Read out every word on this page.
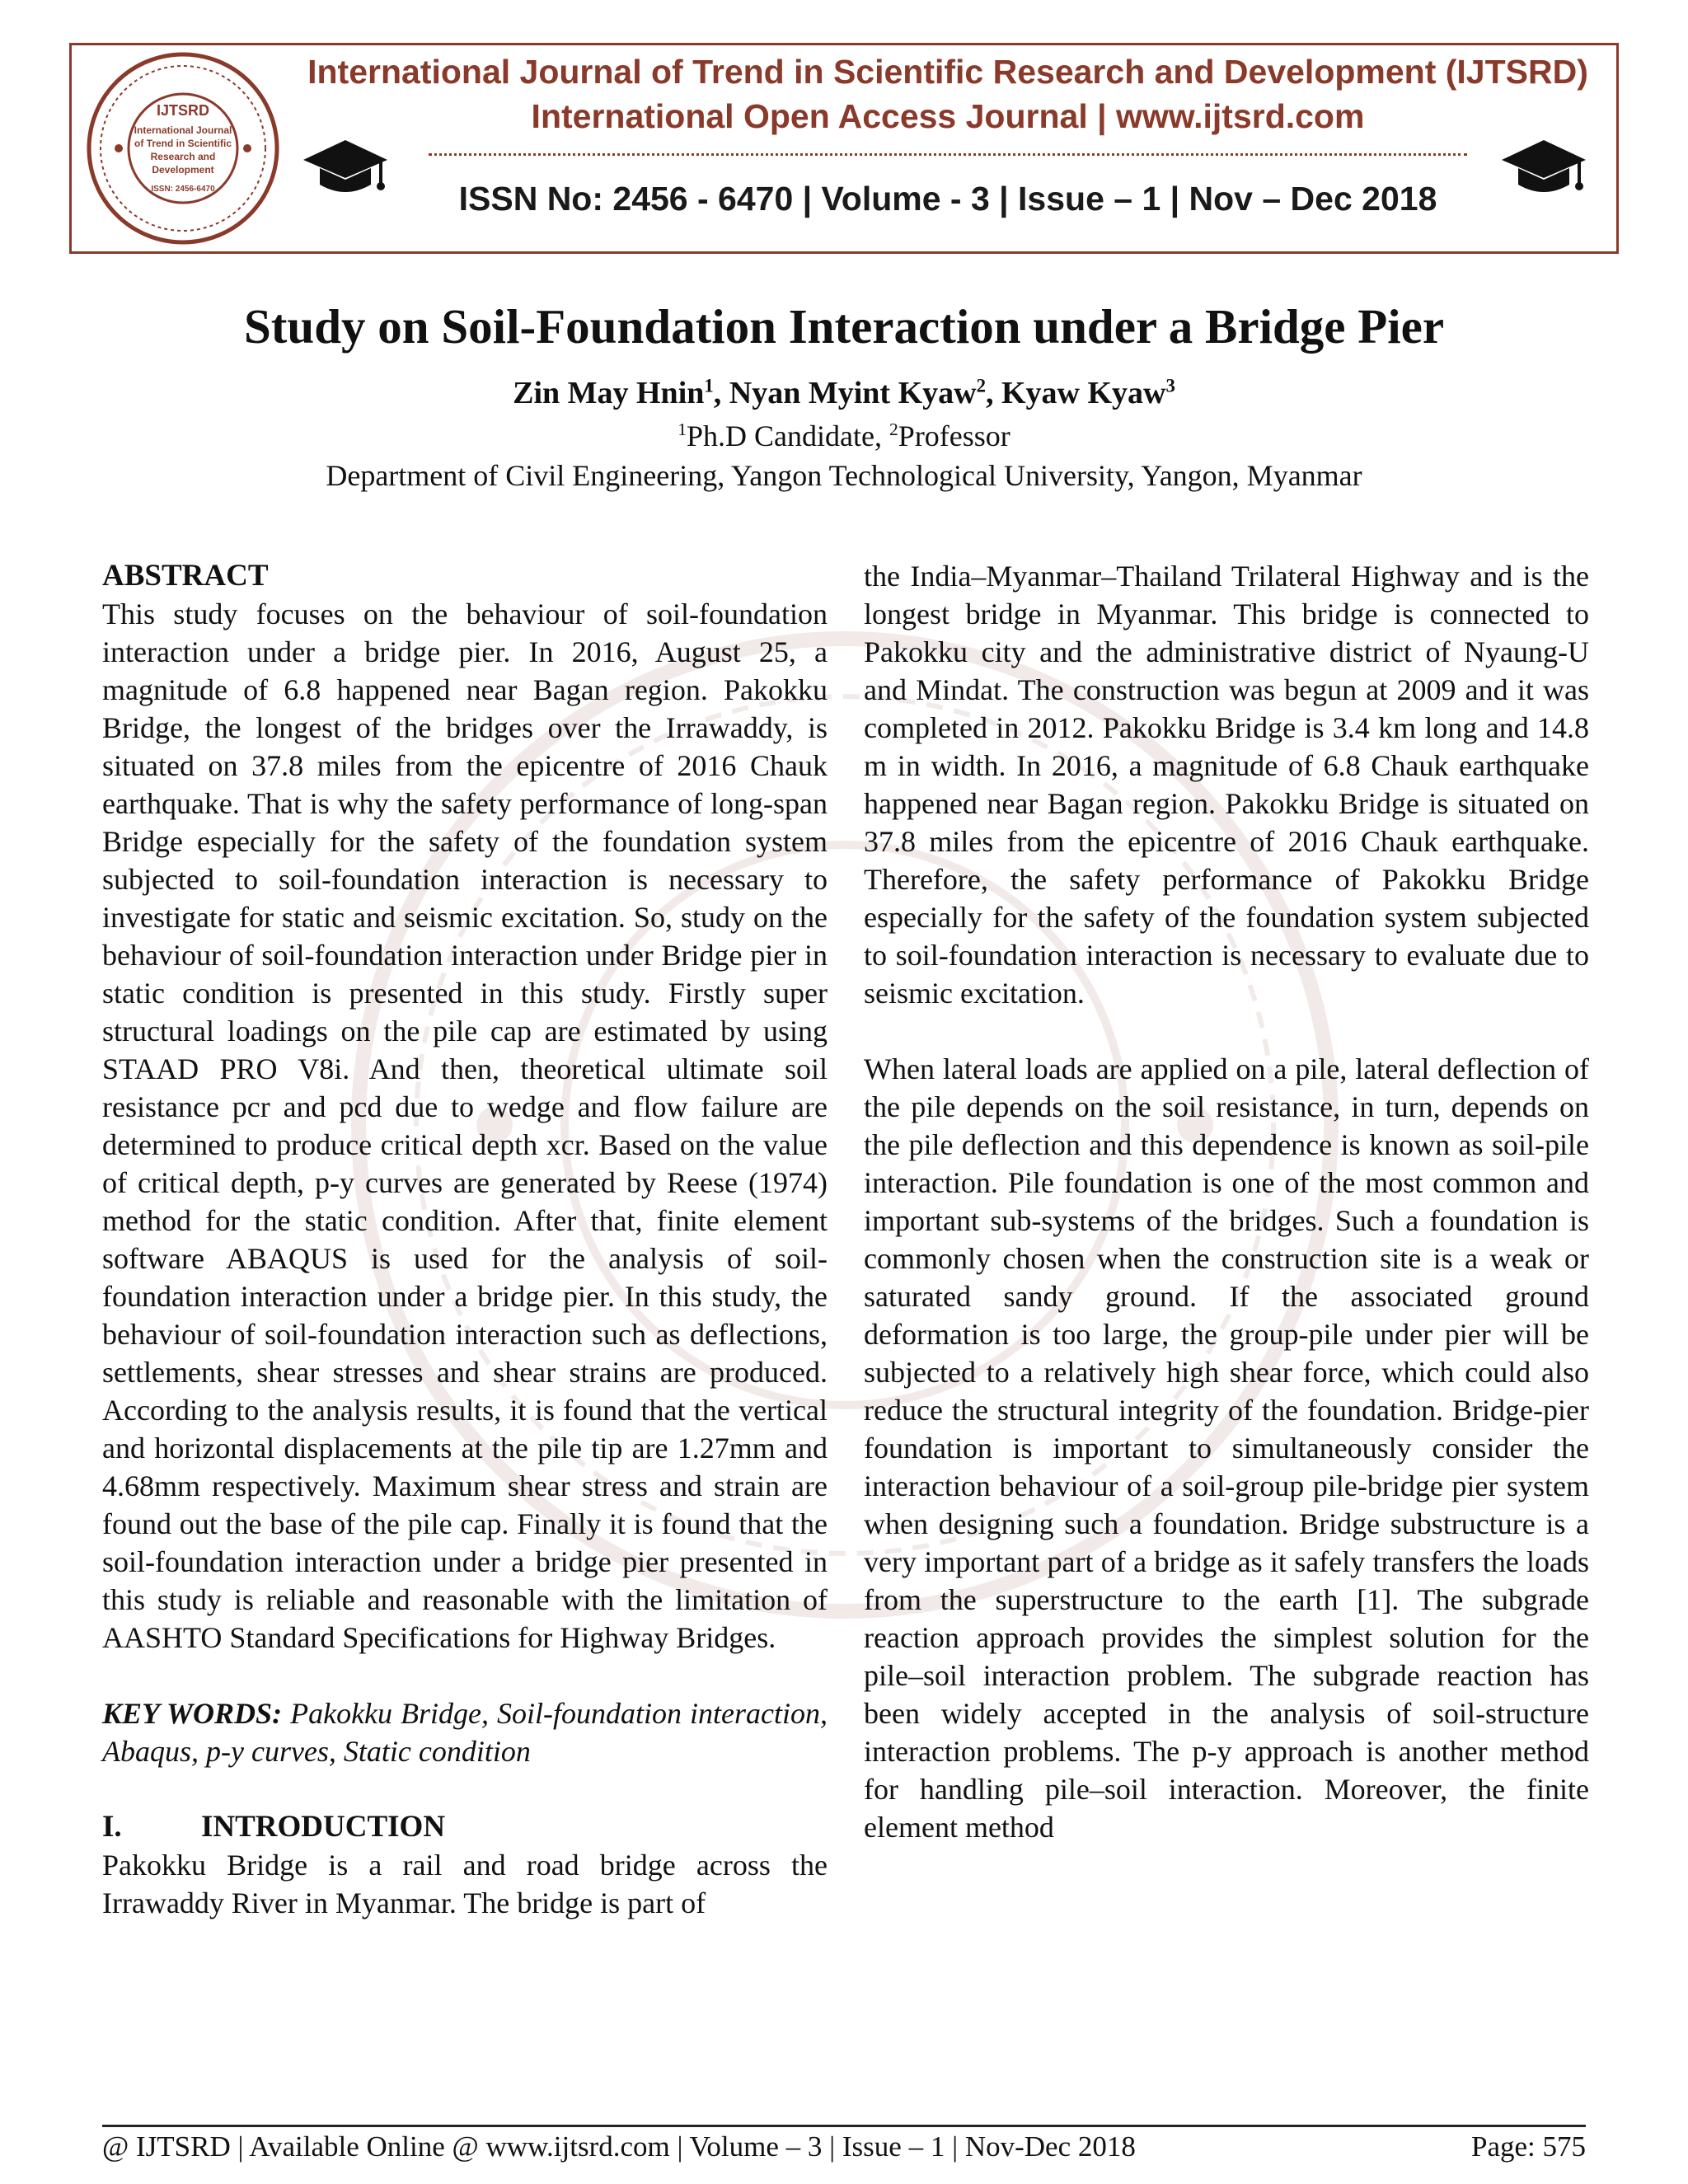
IJTSRD
International Journal
of Trend in Scientific
Research and
Development
ISSN: 2456-6470
International Journal of Trend in Scientific Research and Development (IJTSRD)
International Open Access Journal | www.ijtsrd.com
ISSN No: 2456 - 6470 | Volume - 3 | Issue – 1 | Nov – Dec 2018
Study on Soil-Foundation Interaction under a Bridge Pier
Zin May Hnin$^1$, Nyan Myint Kyaw$^2$, Kyaw Kyaw$^3$
$^1$Ph.D Candidate, $^2$Professor
Department of Civil Engineering, Yangon Technological University, Yangon, Myanmar
ABSTRACT

This study focuses on the behaviour of soil-foundation interaction under a bridge pier. In 2016, August 25, a magnitude of 6.8 happened near Bagan region. Pakokku Bridge, the longest of the bridges over the Irrawaddy, is situated on 37.8 miles from the epicentre of 2016 Chauk earthquake. That is why the safety performance of long-span Bridge especially for the safety of the foundation system subjected to soil-foundation interaction is necessary to investigate for static and seismic excitation. So, study on the behaviour of soil-foundation interaction under Bridge pier in static condition is presented in this study. Firstly super structural loadings on the pile cap are estimated by using STAAD PRO V8i. And then, theoretical ultimate soil resistance pcr and pcd due to wedge and flow failure are determined to produce critical depth xcr. Based on the value of critical depth, p-y curves are generated by Reese (1974) method for the static condition. After that, finite element software ABAQUS is used for the analysis of soil-foundation interaction under a bridge pier. In this study, the behaviour of soil-foundation interaction such as deflections, settlements, shear stresses and shear strains are produced. According to the analysis results, it is found that the vertical and horizontal displacements at the pile tip are 1.27mm and 4.68mm respectively. Maximum shear stress and strain are found out the base of the pile cap. Finally it is found that the soil-foundation interaction under a bridge pier presented in this study is reliable and reasonable with the limitation of AASHTO Standard Specifications for Highway Bridges.

KEY WORDS: Pakokku Bridge, Soil-foundation interaction, Abaqus, p-y curves, Static condition

I.	INTRODUCTION

Pakokku Bridge is a rail and road bridge across the Irrawaddy River in Myanmar. The bridge is part of

the India–Myanmar–Thailand Trilateral Highway and is the longest bridge in Myanmar. This bridge is connected to Pakokku city and the administrative district of Nyaung-U and Mindat. The construction was begun at 2009 and it was completed in 2012. Pakokku Bridge is 3.4 km long and 14.8 m in width. In 2016, a magnitude of 6.8 Chauk earthquake happened near Bagan region. Pakokku Bridge is situated on 37.8 miles from the epicentre of 2016 Chauk earthquake. Therefore, the safety performance of Pakokku Bridge especially for the safety of the foundation system subjected to soil-foundation interaction is necessary to evaluate due to seismic excitation.

When lateral loads are applied on a pile, lateral deflection of the pile depends on the soil resistance, in turn, depends on the pile deflection and this dependence is known as soil-pile interaction. Pile foundation is one of the most common and important sub-systems of the bridges. Such a foundation is commonly chosen when the construction site is a weak or saturated sandy ground. If the associated ground deformation is too large, the group-pile under pier will be subjected to a relatively high shear force, which could also reduce the structural integrity of the foundation. Bridge-pier foundation is important to simultaneously consider the interaction behaviour of a soil-group pile-bridge pier system when designing such a foundation. Bridge substructure is a very important part of a bridge as it safely transfers the loads from the superstructure to the earth [1]. The subgrade reaction approach provides the simplest solution for the pile–soil interaction problem. The subgrade reaction has been widely accepted in the analysis of soil-structure interaction problems. The p-y approach is another method for handling pile–soil interaction. Moreover, the finite element method

@ IJTSRD | Available Online @ www.ijtsrd.com | Volume – 3 | Issue – 1 | Nov-Dec 2018	Page: 575
